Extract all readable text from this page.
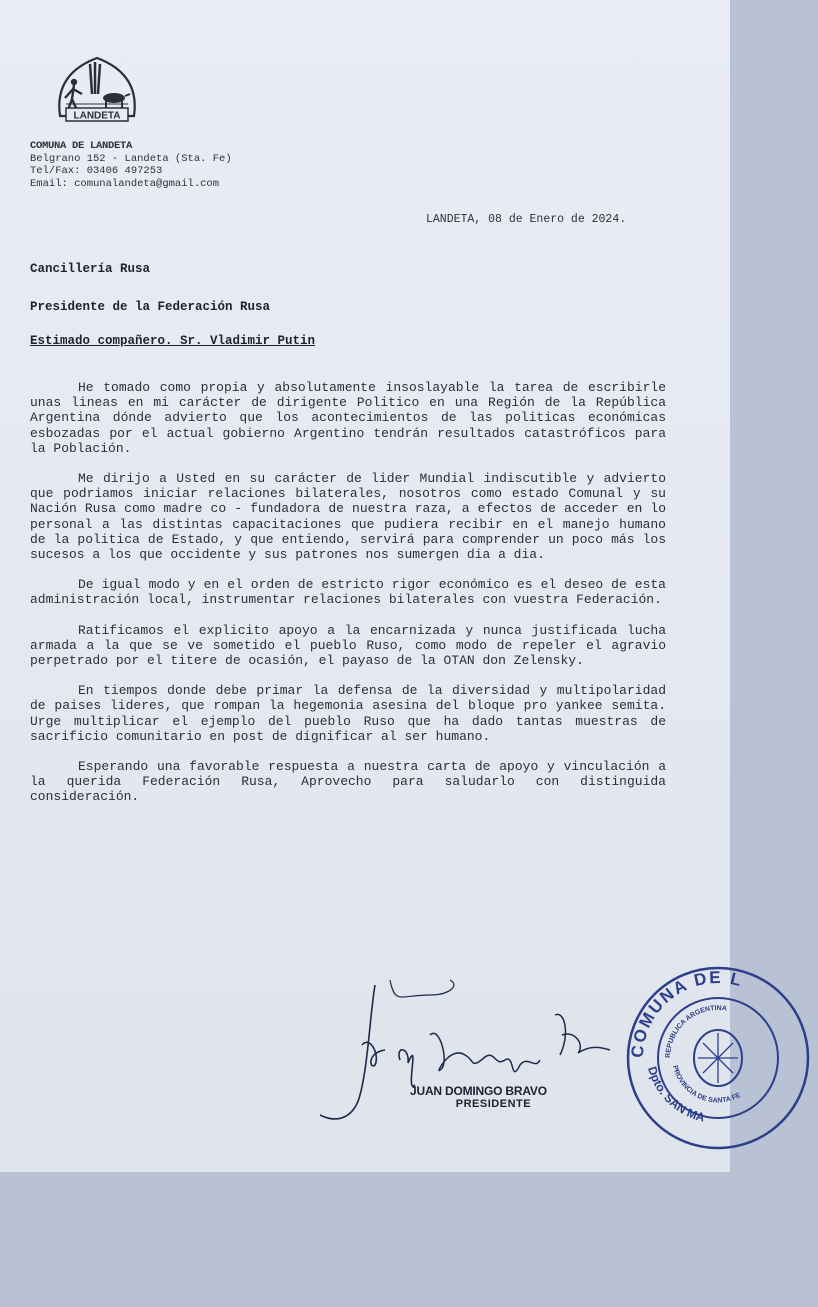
LANDETA
COMUNA DE LANDETA
Belgrano 152 - Landeta (Sta. Fe)
Tel/Fax: 03406 497253
Email: comunalandeta@gmail.com
LANDETA, 08 de Enero de 2024.
Cancillería Rusa
Presidente de la Federación Rusa
Estimado compañero. Sr. Vladimir Putin

He tomado como propia y absolutamente insoslayable la tarea de escribirle unas lineas en mi carácter de dirigente Politico en una Región de la República Argentina dónde advierto que los acontecimientos de las politicas económicas esbozadas por el actual gobierno Argentino tendrán resultados catastróficos para la Población.

Me dirijo a Usted en su carácter de lider Mundial indiscutible y advierto que podriamos iniciar relaciones bilaterales, nosotros como estado Comunal y su Nación Rusa como madre co - fundadora de nuestra raza, a efectos de acceder en lo personal a las distintas capacitaciones que pudiera recibir en el manejo humano de la politica de Estado, y que entiendo, servirá para comprender un poco más los sucesos a los que occidente y sus patrones nos sumergen dia a dia.

De igual modo y en el orden de estricto rigor económico es el deseo de esta administración local, instrumentar relaciones bilaterales con vuestra Federación.

Ratificamos el explicito apoyo a la encarnizada y nunca justificada lucha armada a la que se ve sometido el pueblo Ruso, como modo de repeler el agravio perpetrado por el titere de ocasión, el payaso de la OTAN don Zelensky.

En tiempos donde debe primar la defensa de la diversidad y multipolaridad de paises lideres, que rompan la hegemonia asesina del bloque pro yankee semita. Urge multiplicar el ejemplo del pueblo Ruso que ha dado tantas muestras de sacrificio comunitario en post de dignificar al ser humano.

Esperando una favorable respuesta a nuestra carta de apoyo y vinculación a la querida Federación Rusa, Aprovecho para saludarlo con distinguida consideración.

JUAN DOMINGO BRAVO
PRESIDENTE
COMUNA DE L
Dpto. SAN MA
REPUBLICA ARGENTINA
PROVINCIA DE SANTA FE
